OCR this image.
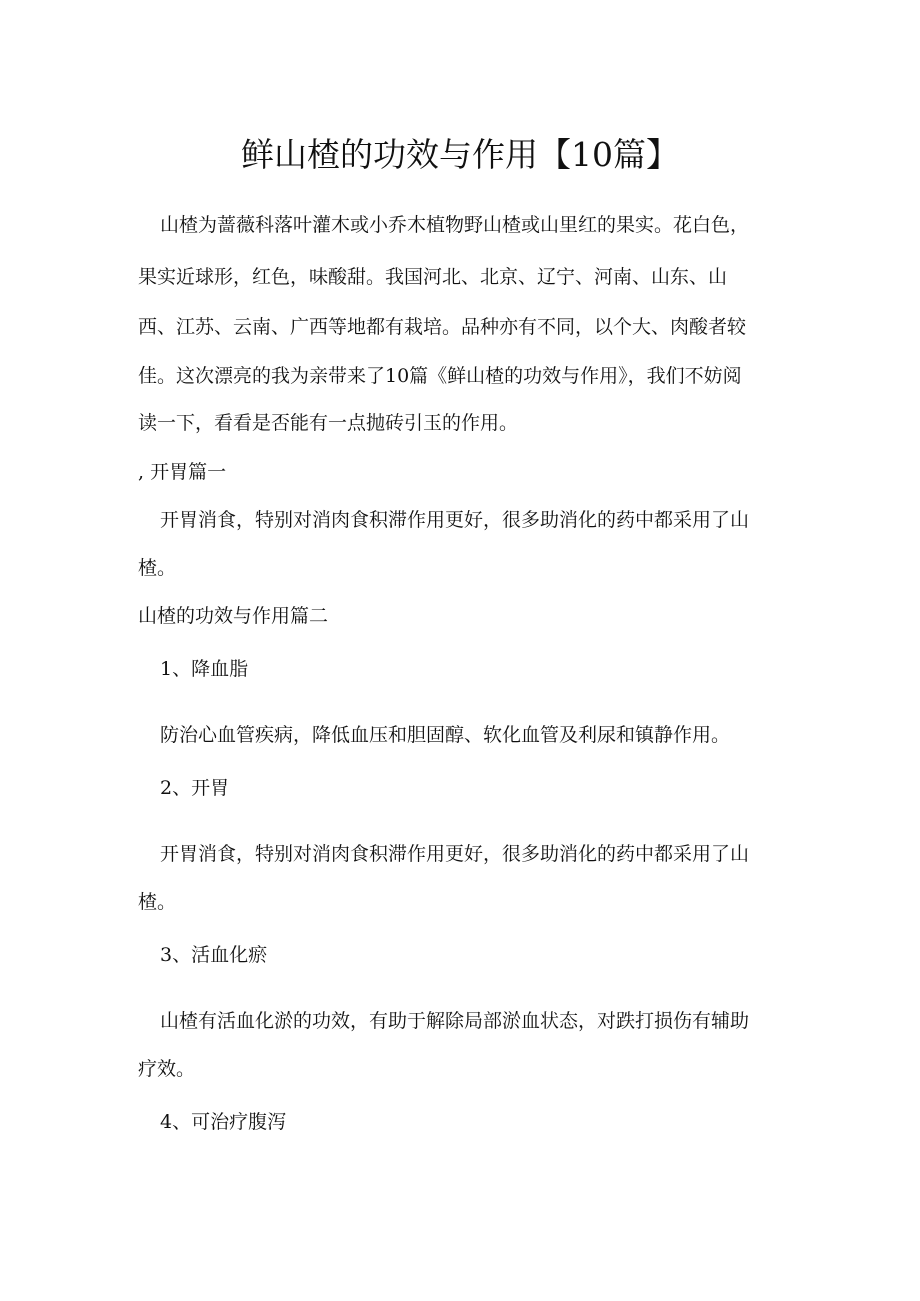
鲜山楂的功效与作用【10篇】
山楂为蔷薇科落叶灌木或小乔木植物野山楂或山里红的果实。花白色，
果实近球形，红色，味酸甜。我国河北、北京、辽宁、河南、山东、山
西、江苏、云南、广西等地都有栽培。品种亦有不同，以个大、肉酸者较
佳。这次漂亮的我为亲带来了10篇《鲜山楂的功效与作用》，我们不妨阅
读一下，看看是否能有一点抛砖引玉的作用。
, 开胃篇一
开胃消食，特别对消肉食积滞作用更好，很多助消化的药中都采用了山
楂。
山楂的功效与作用篇二
1、降血脂
防治心血管疾病，降低血压和胆固醇、软化血管及利尿和镇静作用。
2、开胃
开胃消食，特别对消肉食积滞作用更好，很多助消化的药中都采用了山
楂。
3、活血化瘀
山楂有活血化淤的功效，有助于解除局部淤血状态，对跌打损伤有辅助
疗效。
4、可治疗腹泻
